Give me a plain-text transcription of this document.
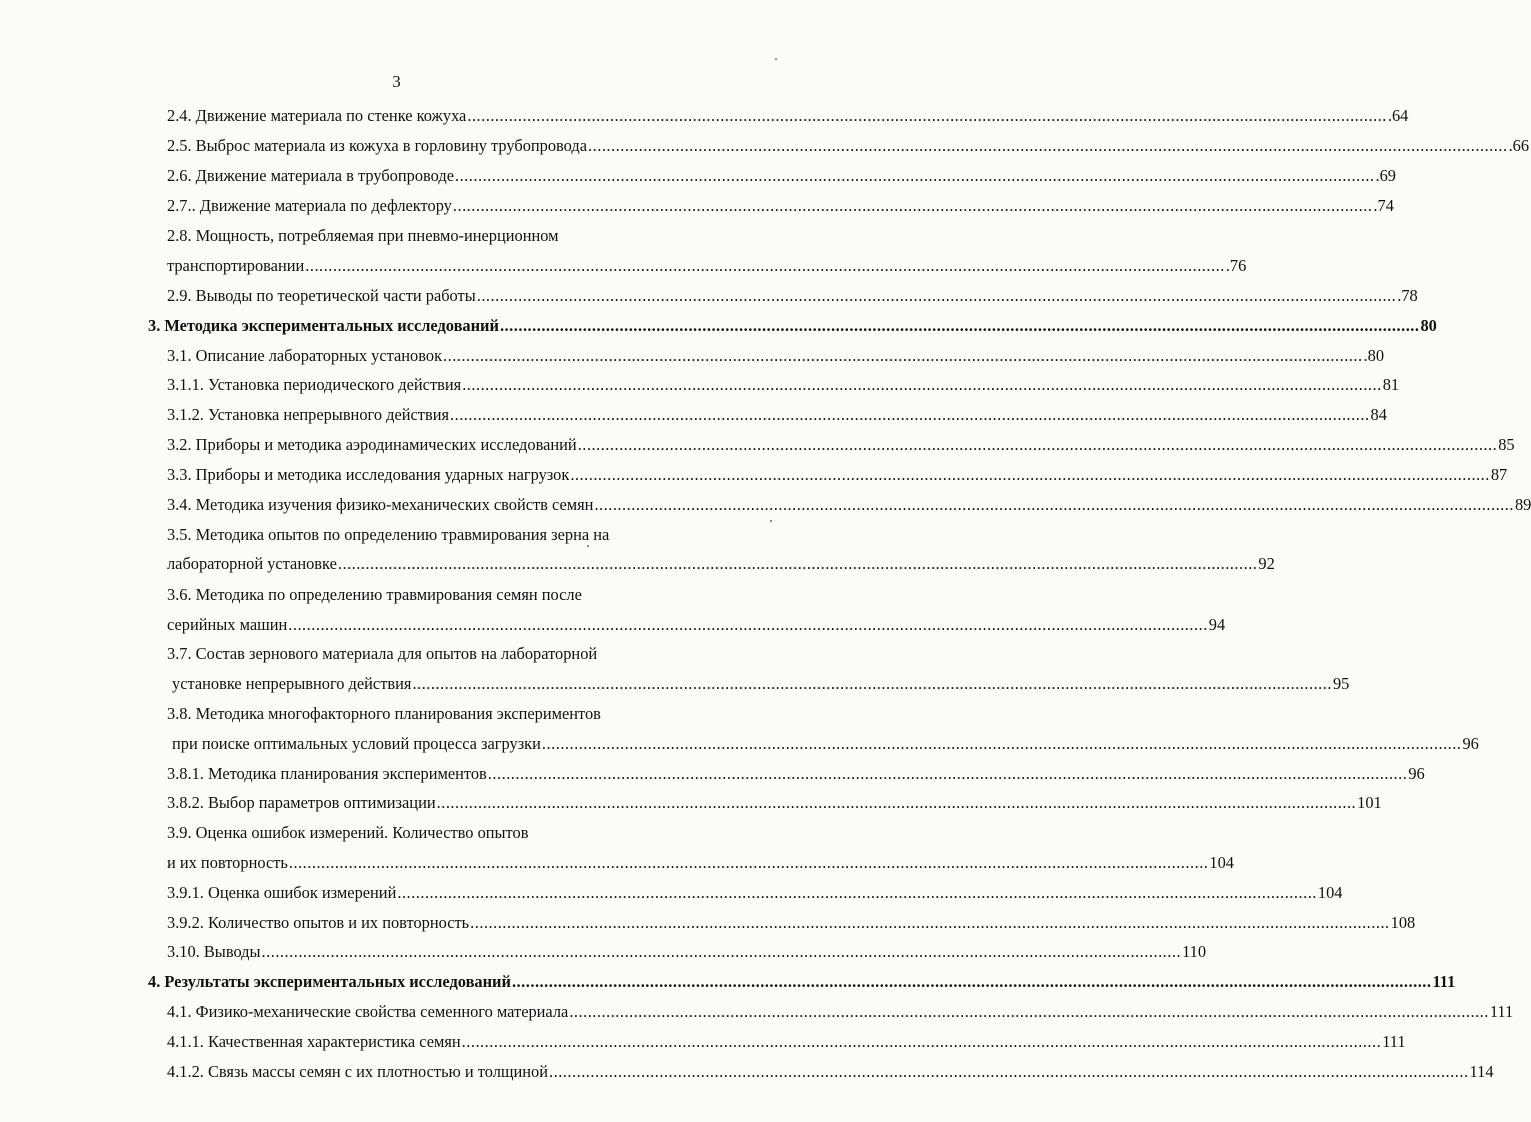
3
2.4. Движение материала по стенке кожуха ........................................................................................................................................................................................................ .64
2.5. Выброс материала из кожуха в горловину трубопровода ........................................................................................................................................................................................................ .66
2.6. Движение материала в трубопроводе ........................................................................................................................................................................................................ .69
2.7.. Движение материала по дефлектору ........................................................................................................................................................................................................ .74
2.8. Мощность, потребляемая при пневмо-инерционном
транспортировании ........................................................................................................................................................................................................ .76
2.9. Выводы по теоретической части работы ........................................................................................................................................................................................................ .78
3. Методика экспериментальных исследований ........................................................................................................................................................................................................ 80
3.1. Описание лабораторных установок ........................................................................................................................................................................................................ .80
3.1.1. Установка периодического действия ........................................................................................................................................................................................................ 81
3.1.2. Установка непрерывного действия ........................................................................................................................................................................................................ 84
3.2. Приборы и методика аэродинамических исследований ........................................................................................................................................................................................................ 85
3.3. Приборы и методика исследования ударных нагрузок ........................................................................................................................................................................................................ 87
3.4. Методика изучения физико-механических свойств семян ........................................................................................................................................................................................................ 89
3.5. Методика опытов по определению травмирования зерна на
лабораторной установке ........................................................................................................................................................................................................ 92
3.6. Методика по определению травмирования семян после
серийных машин ........................................................................................................................................................................................................ 94
3.7. Состав зернового материала для опытов на лабораторной
установке непрерывного действия ........................................................................................................................................................................................................ 95
3.8. Методика многофакторного планирования экспериментов
при поиске оптимальных условий процесса загрузки ........................................................................................................................................................................................................ 96
3.8.1. Методика планирования экспериментов ........................................................................................................................................................................................................ 96
3.8.2. Выбор параметров оптимизации ........................................................................................................................................................................................................ 101
3.9. Оценка ошибок измерений. Количество опытов
и их повторность ........................................................................................................................................................................................................ 104
3.9.1. Оценка ошибок измерений ........................................................................................................................................................................................................ 104
3.9.2. Количество опытов и их повторность ........................................................................................................................................................................................................ 108
3.10. Выводы ........................................................................................................................................................................................................ 110
4. Результаты экспериментальных исследований ........................................................................................................................................................................................................ 111
4.1. Физико-механические свойства семенного материала ........................................................................................................................................................................................................ 111
4.1.1. Качественная характеристика семян ........................................................................................................................................................................................................ 111
4.1.2. Связь массы семян с их плотностью и толщиной ........................................................................................................................................................................................................ 114
